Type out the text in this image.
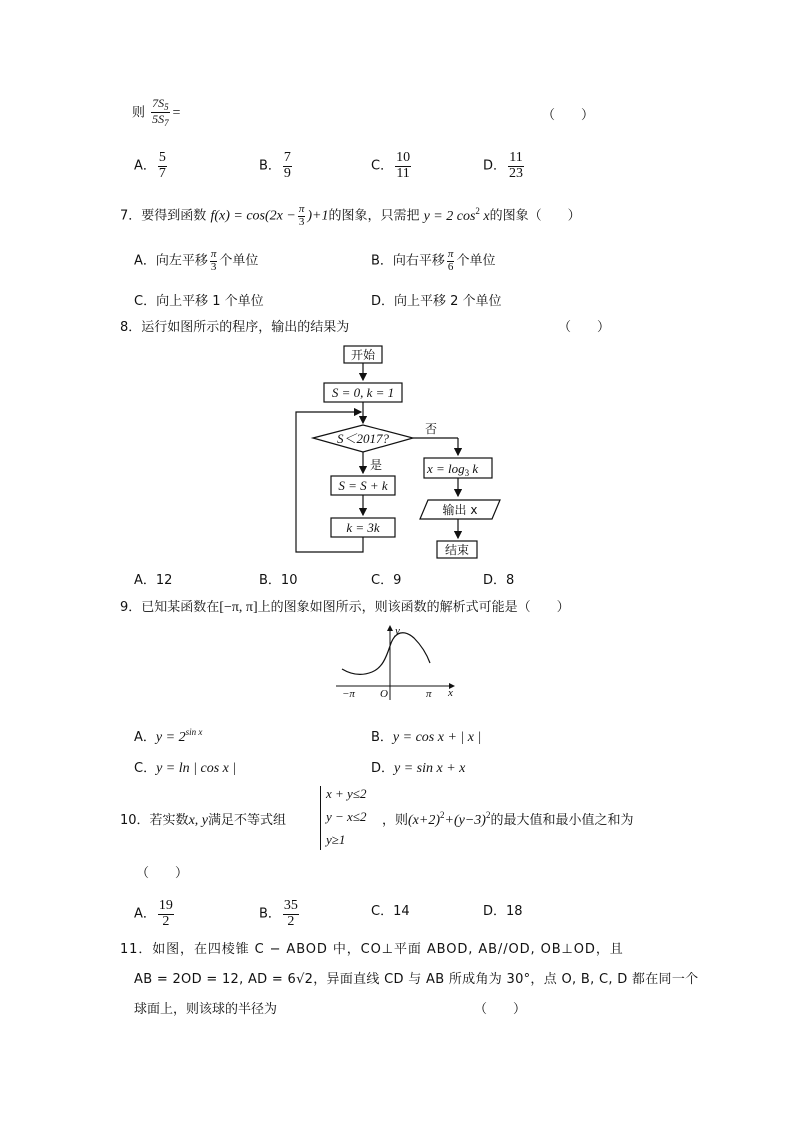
则 $\frac{7S_5}{5S_7}$ =	（　　）
A． $\frac{5}{7}$	B． $\frac{7}{9}$	C． $\frac{10}{11}$	D． $\frac{11}{23}$
7．要得到函数 $f(x) = \cos(2x - \frac{\pi}{3} )+1$的图象，只需把 y = 2 $\cos^2 x$的图象（　　）
A．向左平移 $\frac{\pi}{3}$ 个单位	B．向右平移 $\frac{\pi}{6}$ 个单位
C．向上平移 1 个单位	D．向上平移 2 个单位
8．运行如图所示的程序，输出的结果为	（　　）
开始
S = 0, k = 1
S＜2017?
否
是
S = S + k
k = 3k
$x = \log_3 k$
输出 x
结束
A．12	B．10	C．9	D．8
9．已知某函数在[−π, π]上的图象如图所示，则该函数的解析式可能是（　　）
y
x
O
−π	π
A．$y = 2^{sin x}$	B．y = cos x + | x |
C．y = ln | cos x |	D．y = sin x + x
10．若实数x, y满足不等式组
x + y≤2
y − x≤2
y≥1
，则$(x+2)^2+(y-3)^2$的最大值和最小值之和为
（　　）
A． $\frac{19}{2}$	B． $\frac{35}{2}$	C．14	D．18
11．如图，在四棱锥 C − ABOD 中，CO⊥平面 ABOD, AB//OD, OB⊥OD，且
AB = 2OD = 12, AD = 6√2，异面直线 CD 与 AB 所成角为 30°，点 O, B, C, D 都在同一个
球面上，则该球的半径为	（　　）
